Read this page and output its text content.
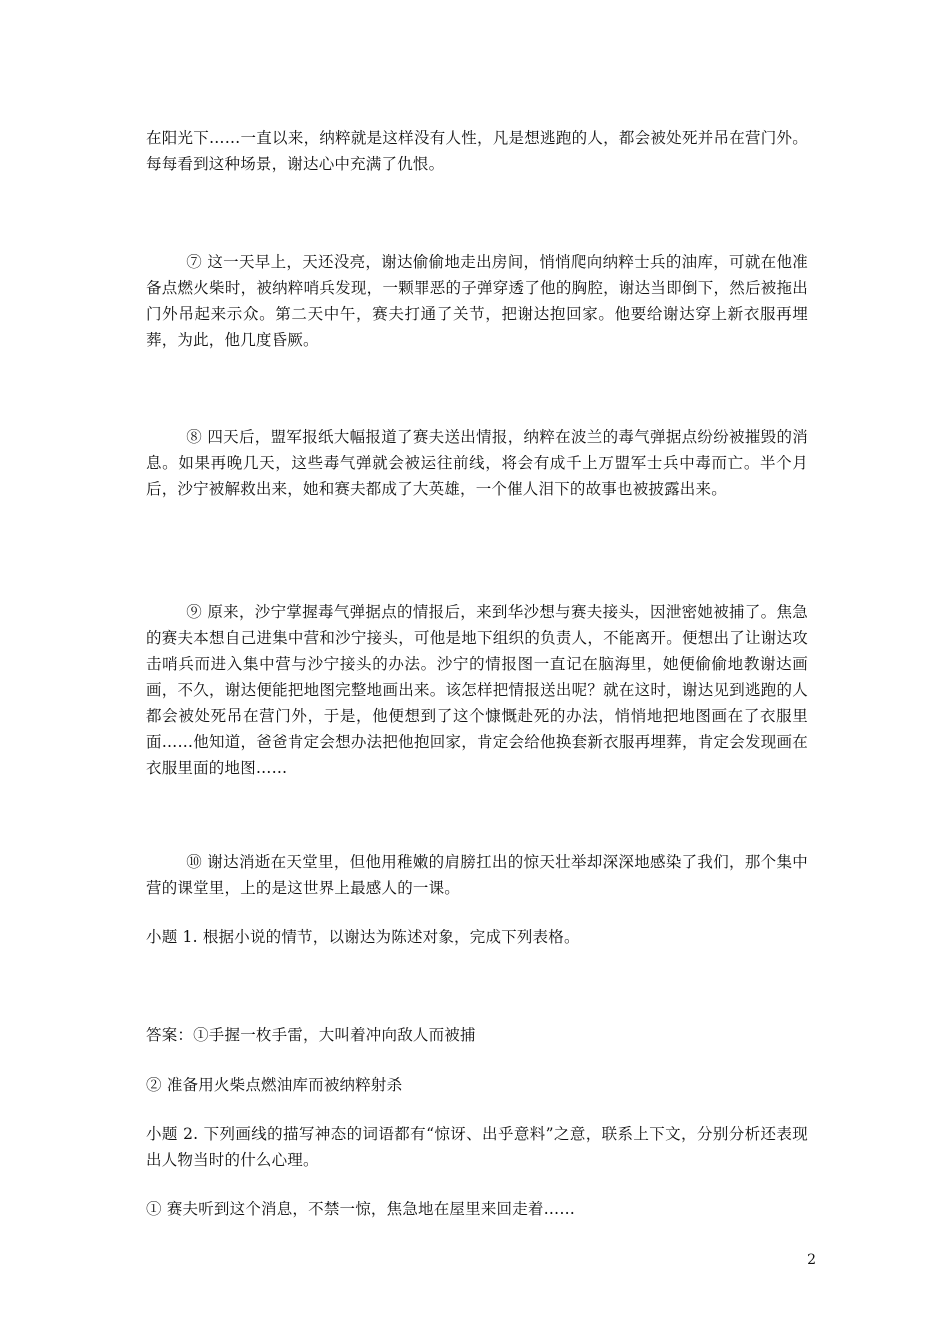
在阳光下……一直以来，纳粹就是这样没有人性，凡是想逃跑的人，都会被处死并吊在营门外。每每看到这种场景，谢达心中充满了仇恨。

⑦ 这一天早上，天还没亮，谢达偷偷地走出房间，悄悄爬向纳粹士兵的油库，可就在他准备点燃火柴时，被纳粹哨兵发现，一颗罪恶的子弹穿透了他的胸腔，谢达当即倒下，然后被拖出门外吊起来示众。第二天中午，赛夫打通了关节，把谢达抱回家。他要给谢达穿上新衣服再埋葬，为此，他几度昏厥。

⑧ 四天后，盟军报纸大幅报道了赛夫送出情报，纳粹在波兰的毒气弹据点纷纷被摧毁的消息。如果再晚几天，这些毒气弹就会被运往前线，将会有成千上万盟军士兵中毒而亡。半个月后，沙宁被解救出来，她和赛夫都成了大英雄，一个催人泪下的故事也被披露出来。

⑨ 原来，沙宁掌握毒气弹据点的情报后，来到华沙想与赛夫接头，因泄密她被捕了。焦急的赛夫本想自己进集中营和沙宁接头，可他是地下组织的负责人，不能离开。便想出了让谢达攻击哨兵而进入集中营与沙宁接头的办法。沙宁的情报图一直记在脑海里，她便偷偷地教谢达画画，不久，谢达便能把地图完整地画出来。该怎样把情报送出呢？就在这时，谢达见到逃跑的人都会被处死吊在营门外，于是，他便想到了这个慷慨赴死的办法，悄悄地把地图画在了衣服里面……他知道，爸爸肯定会想办法把他抱回家，肯定会给他换套新衣服再埋葬，肯定会发现画在衣服里面的地图……

⑩ 谢达消逝在天堂里，但他用稚嫩的肩膀扛出的惊天壮举却深深地感染了我们，那个集中营的课堂里，上的是这世界上最感人的一课。

小题 1. 根据小说的情节，以谢达为陈述对象，完成下列表格。

答案：①手握一枚手雷，大叫着冲向敌人而被捕

② 准备用火柴点燃油库而被纳粹射杀

小题 2. 下列画线的描写神态的词语都有“惊讶、出乎意料”之意，联系上下文，分别分析还表现出人物当时的什么心理。

① 赛夫听到这个消息，不禁一惊，焦急地在屋里来回走着……

2
